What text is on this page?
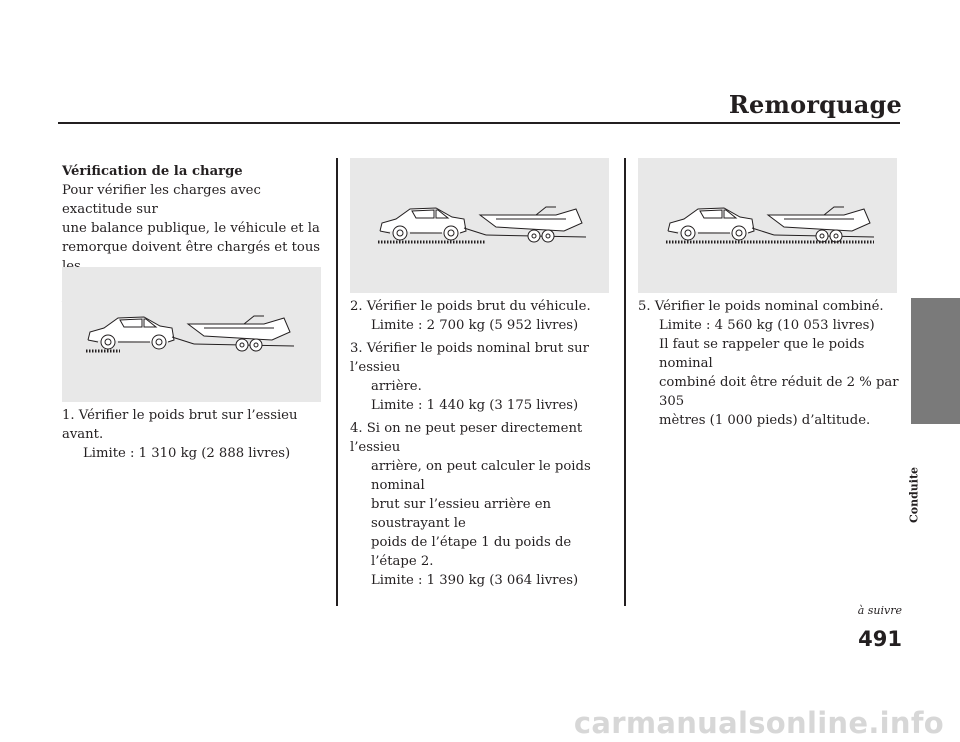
Remorquage
Conduite

Vérification de la charge

Pour vérifier les charges avec exactitude sur

une balance publique, le véhicule et la

remorque doivent être chargés et tous

1. Vérifier le poids brut sur l’essieu avant.

Limite : 1 310 kg (2 888 livres)

2. Vérifier le poids brut du véhicule.

Limite : 2 700 kg (5 952 livres)

3. Vérifier le poids nominal brut sur l’essieu

arrière.

Limite : 1 440 kg (3 175 livres)

4. Si on ne peut peser directement l’essieu

arrière, on peut calculer le poids nominal

brut sur l’essieu arrière en soustrayant le

poids de l’étape 1 du poids de l’étape 2.

Limite : 1 390 kg (3 064 livres)

5. Vérifier le poids nominal combiné.

Limite : 4 560 kg (10 053 livres)

Il faut se rappeler que le poids nominal

combiné doit être réduit de 2 % par 305

mètres (1 000 pieds) d’altitude.

à suivre
491
carmanualsonline.info
